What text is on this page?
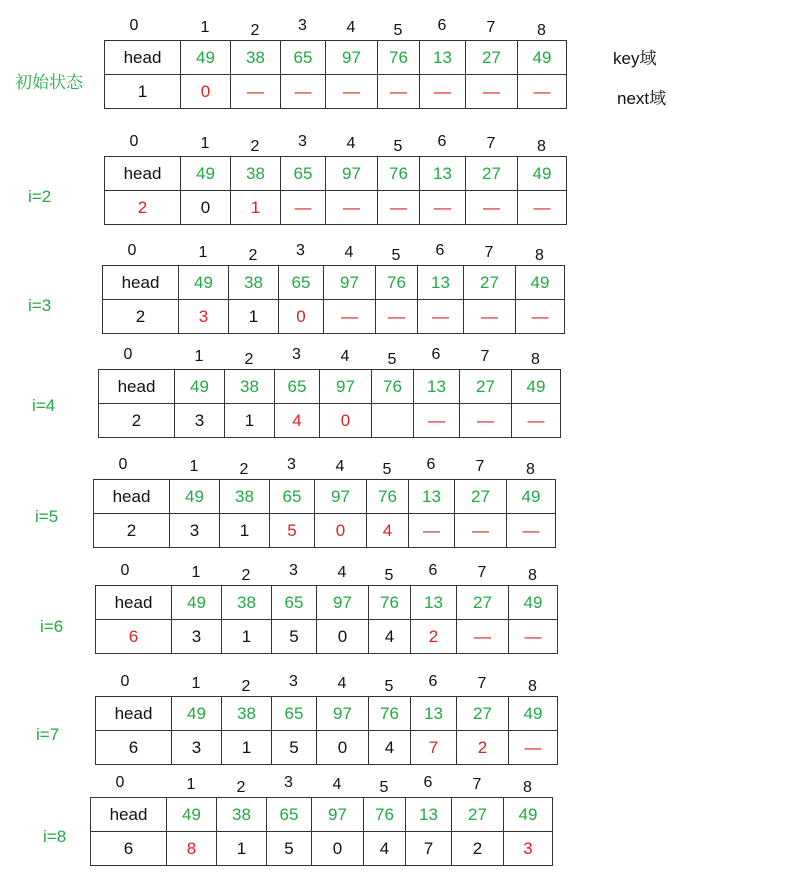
key域
next域
初始状态
0	1	2	3	4	5	6	7	8
head	49	38	65	97	76	13	27	49
1	0	—	—	—	—	—	—	—
i=2
0	1	2	3	4	5	6	7	8
head	49	38	65	97	76	13	27	49
2	0	1	—	—	—	—	—	—
i=3
0	1	2	3	4	5	6	7	8
head	49	38	65	97	76	13	27	49
2	3	1	0	—	—	—	—	—
i=4
0	1	2	3	4	5	6	7	8
head	49	38	65	97	76	13	27	49
2	3	1	4	0		—	—	—
i=5
0	1	2	3	4	5	6	7	8
head	49	38	65	97	76	13	27	49
2	3	1	5	0	4	—	—	—
i=6
0	1	2	3	4	5	6	7	8
head	49	38	65	97	76	13	27	49
6	3	1	5	0	4	2	—	—
i=7
0	1	2	3	4	5	6	7	8
head	49	38	65	97	76	13	27	49
6	3	1	5	0	4	7	2	—
i=8
0	1	2	3	4	5	6	7	8
head	49	38	65	97	76	13	27	49
6	8	1	5	0	4	7	2	3
